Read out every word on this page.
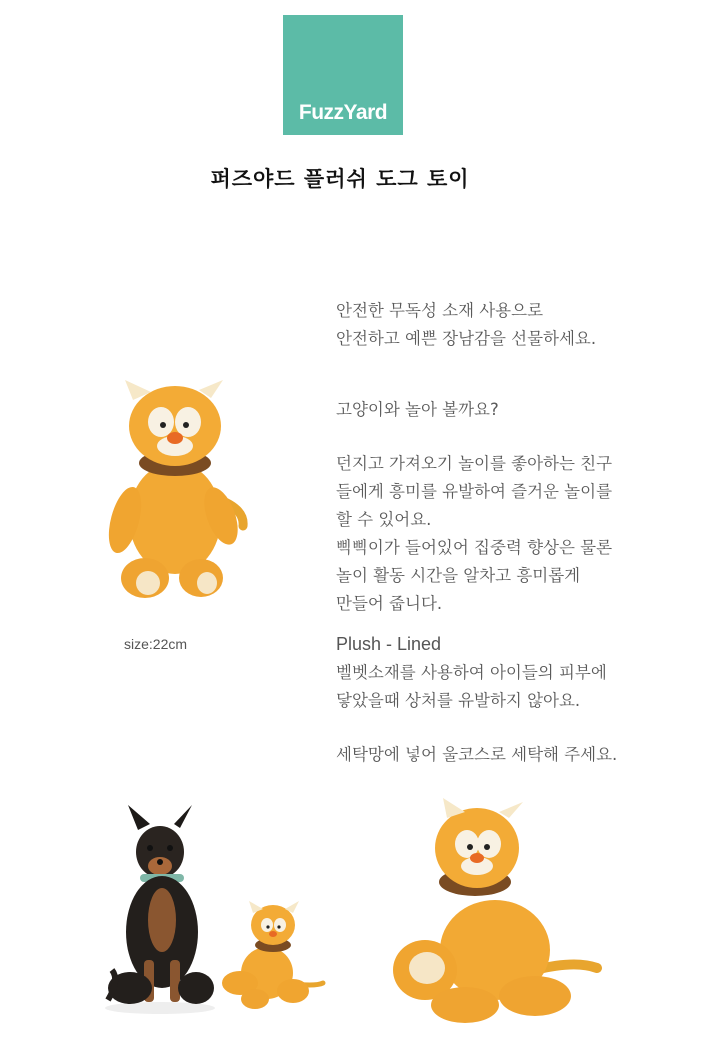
FuzzYard
퍼즈야드 플러쉬 도그 토이

안전한 무독성 소재 사용으로

안전하고 예쁜 장남감을 선물하세요.

고양이와 놀아 볼까요?

던지고 가져오기 놀이를 좋아하는 친구

들에게 흥미를 유발하여 즐거운 놀이를

할 수 있어요.

삑삑이가 들어있어 집중력 향상은 물론

놀이 활동 시간을 알차고 흥미롭게

만들어 줍니다.

size:22cm	Plush - Lined

벨벳소재를 사용하여 아이들의 피부에

닿았을때 상처를 유발하지 않아요.

세탁망에 넣어 울코스로 세탁해 주세요.
